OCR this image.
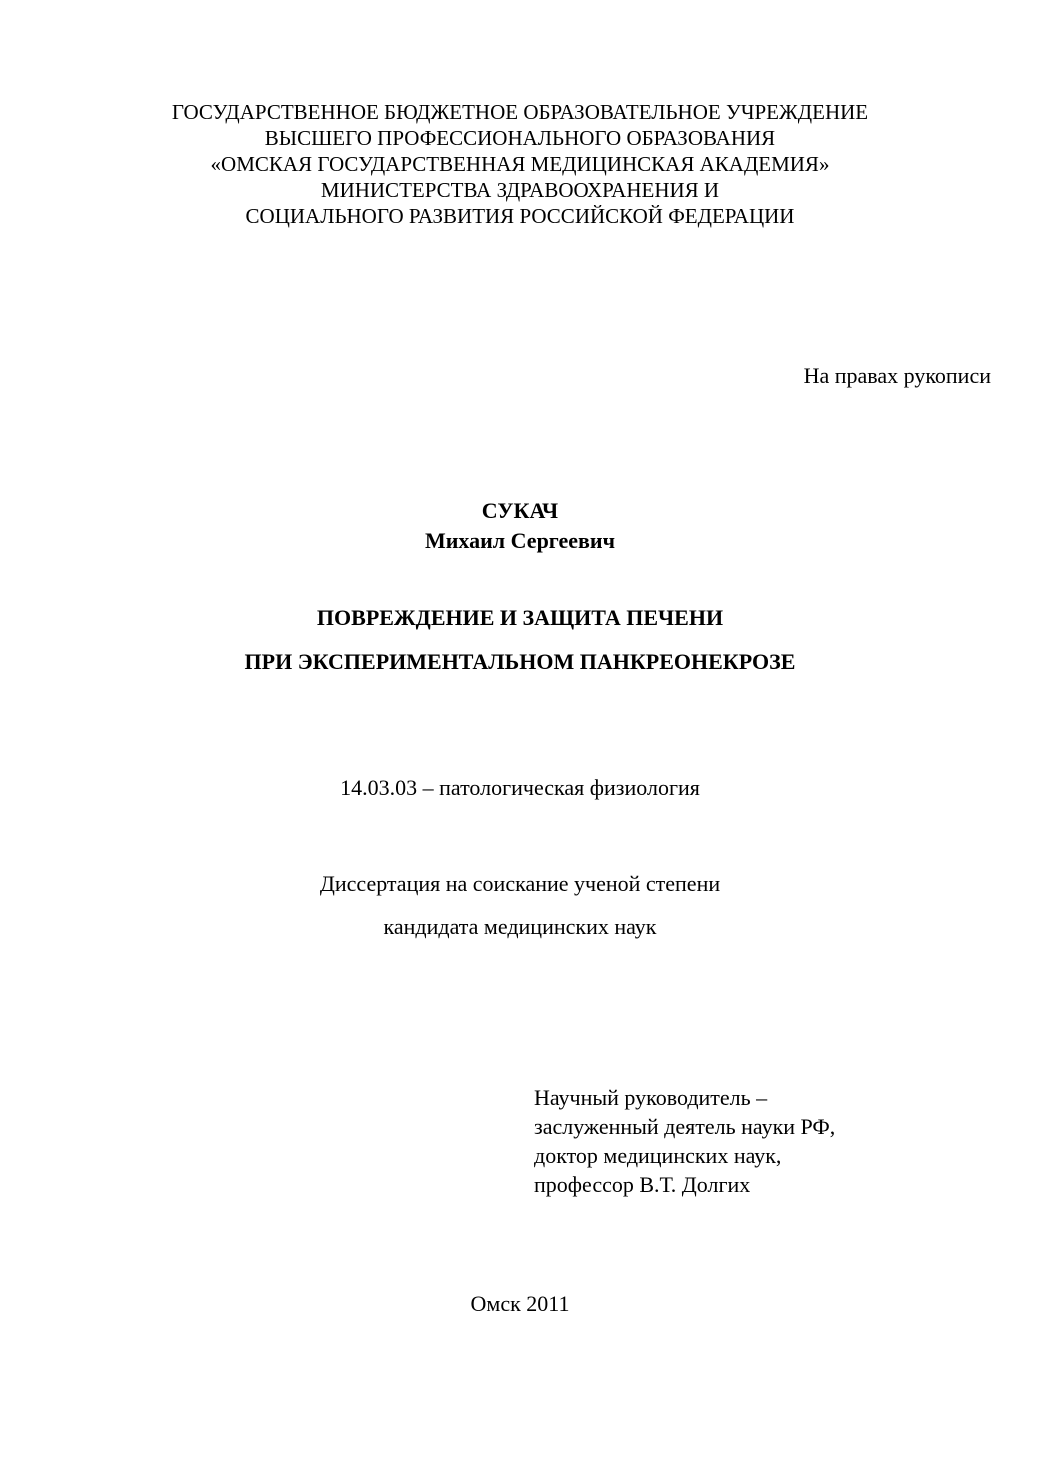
ГОСУДАРСТВЕННОЕ БЮДЖЕТНОЕ ОБРАЗОВАТЕЛЬНОЕ УЧРЕЖДЕНИЕ
ВЫСШЕГО ПРОФЕССИОНАЛЬНОГО ОБРАЗОВАНИЯ
«ОМСКАЯ ГОСУДАРСТВЕННАЯ МЕДИЦИНСКАЯ АКАДЕМИЯ»
МИНИСТЕРСТВА ЗДРАВООХРАНЕНИЯ И
СОЦИАЛЬНОГО РАЗВИТИЯ РОССИЙСКОЙ ФЕДЕРАЦИИ
На правах рукописи
СУКАЧ
Михаил Сергеевич
ПОВРЕЖДЕНИЕ И ЗАЩИТА ПЕЧЕНИ
ПРИ ЭКСПЕРИМЕНТАЛЬНОМ ПАНКРЕОНЕКРОЗЕ
14.03.03 – патологическая физиология
Диссертация на соискание ученой степени
кандидата медицинских наук
Научный руководитель –
заслуженный деятель науки РФ,
доктор медицинских наук,
профессор В.Т. Долгих
Омск 2011
